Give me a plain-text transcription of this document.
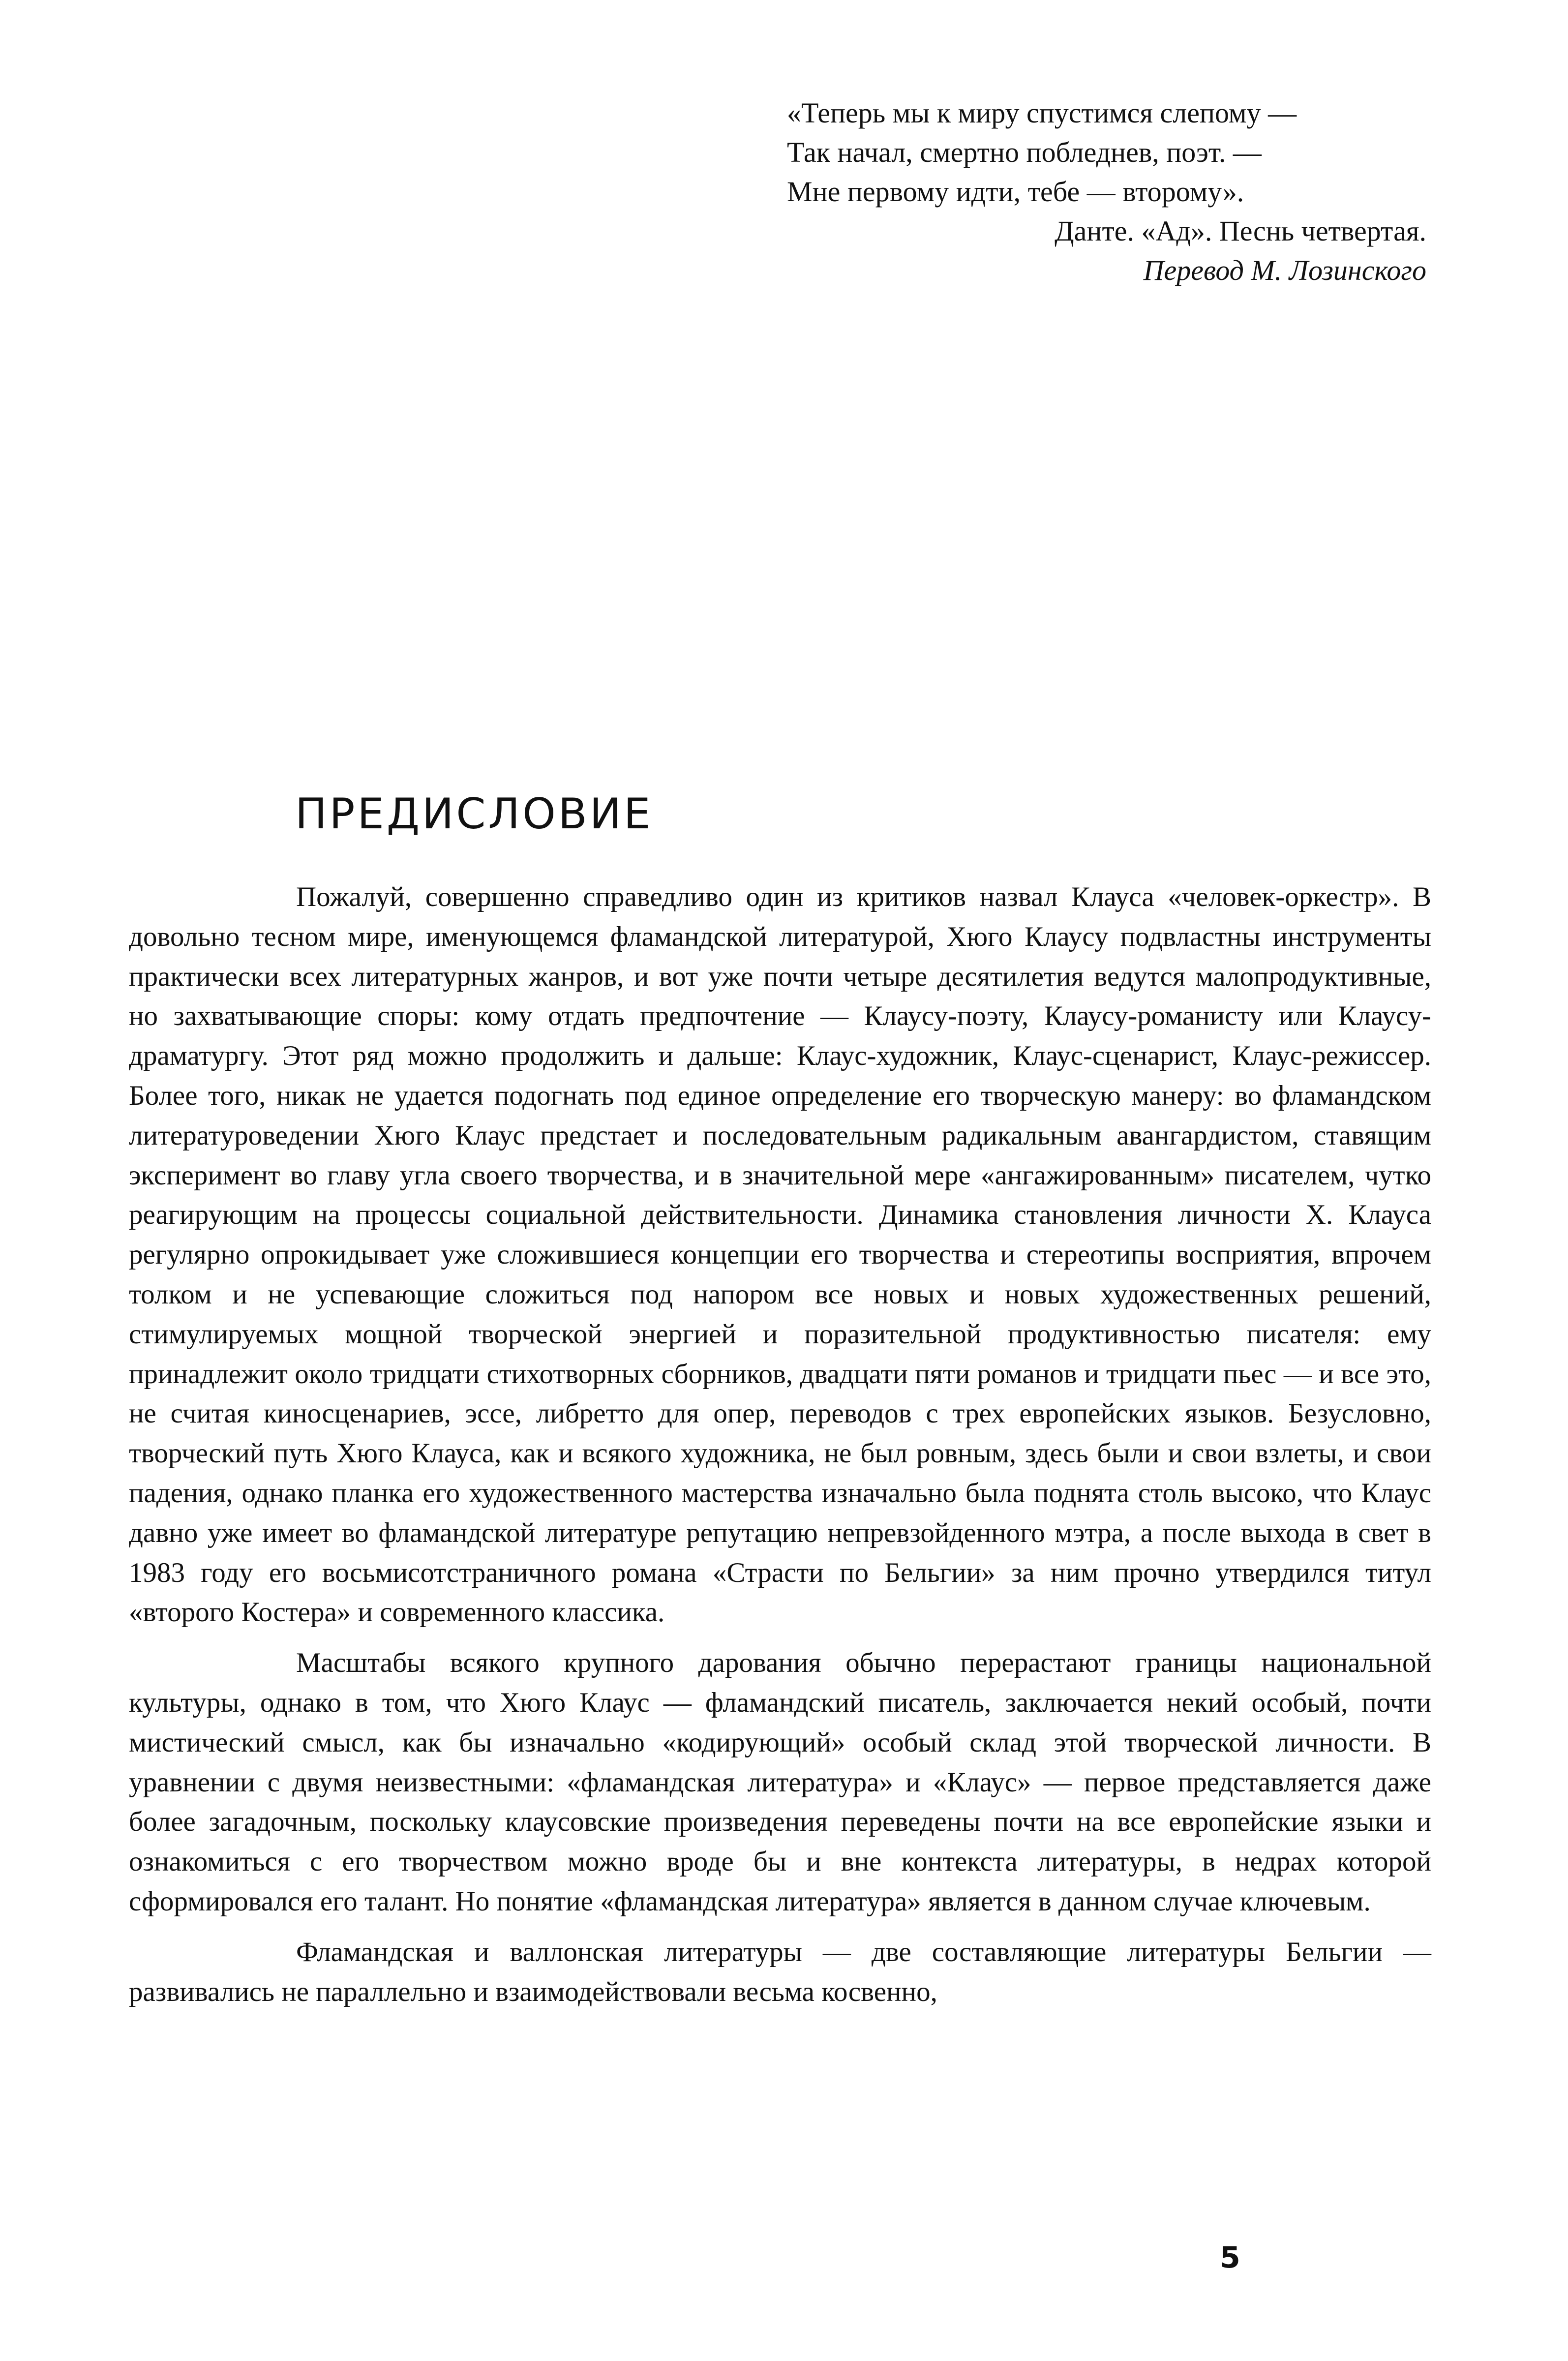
«Теперь мы к миру спустимся слепому —
Так начал, смертно побледнев, поэт. —
Мне первому идти, тебе — второму».
Данте. «Ад». Песнь четвертая.
Перевод М. Лозинского
ПРЕДИСЛОВИЕ

Пожалуй, совершенно справедливо один из критиков назвал Клауса «человек-оркестр». В довольно тесном мире, именующемся фламандской литературой, Хюго Клаусу подвластны инструменты практически всех литературных жанров, и вот уже почти четыре десятилетия ведутся малопродуктивные, но захватывающие споры: кому отдать предпочтение — Клаусу-поэту, Клаусу-романисту или Клаусу-драматургу. Этот ряд можно продолжить и дальше: Клаус-художник, Клаус-сценарист, Клаус-режиссер. Более того, никак не удается подогнать под единое определение его творческую манеру: во фламандском литературоведении Хюго Клаус предстает и последовательным радикальным авангардистом, ставящим эксперимент во главу угла своего творчества, и в значительной мере «ангажированным» писателем, чутко реагирующим на процессы социальной действительности. Динамика становления личности Х. Клауса регулярно опрокидывает уже сложившиеся концепции его творчества и стереотипы восприятия, впрочем толком и не успевающие сложиться под напором все новых и новых художественных решений, стимулируемых мощной творческой энергией и поразительной продуктивностью писателя: ему принадлежит около тридцати стихотворных сборников, двадцати пяти романов и тридцати пьес — и все это, не считая киносценариев, эссе, либретто для опер, переводов с трех европейских языков. Безусловно, творческий путь Хюго Клауса, как и всякого художника, не был ровным, здесь были и свои взлеты, и свои падения, однако планка его художественного мастерства изначально была поднята столь высоко, что Клаус давно уже имеет во фламандской литературе репутацию непревзойденного мэтра, а после выхода в свет в 1983 году его восьмисотстраничного романа «Страсти по Бельгии» за ним прочно утвердился титул «второго Костера» и современного классика.

Масштабы всякого крупного дарования обычно перерастают границы национальной культуры, однако в том, что Хюго Клаус — фламандский писатель, заключается некий особый, почти мистический смысл, как бы изначально «кодирующий» особый склад этой творческой личности. В уравнении с двумя неизвестными: «фламандская литература» и «Клаус» — первое представляется даже более загадочным, поскольку клаусовские произведения переведены почти на все европейские языки и ознакомиться с его творчеством можно вроде бы и вне контекста литературы, в недрах которой сформировался его талант. Но понятие «фламандская литература» является в данном случае ключевым.

Фламандская и валлонская литературы — две составляющие литературы Бельгии — развивались не параллельно и взаимодействовали весьма косвенно,

5
